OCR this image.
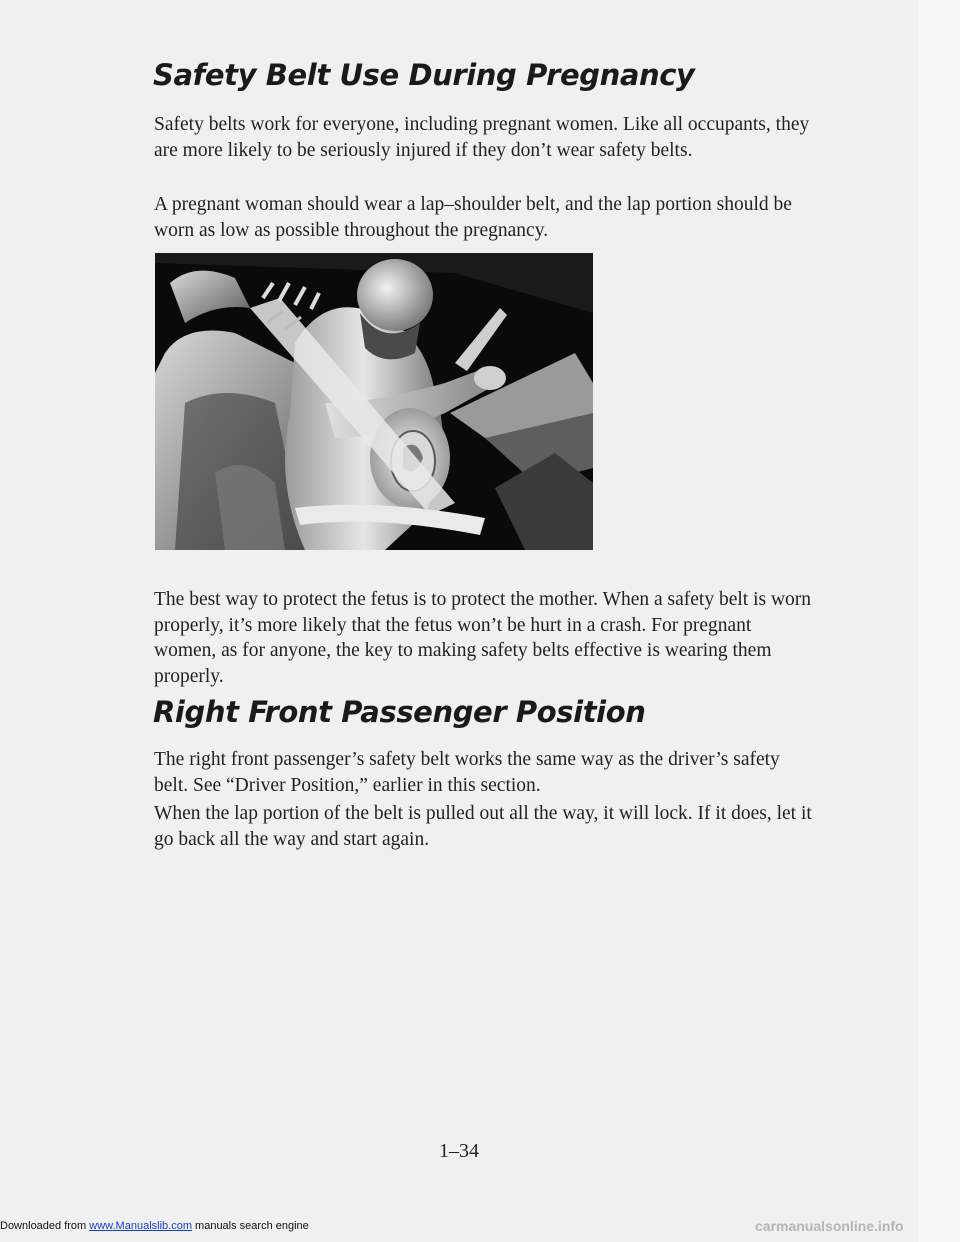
Safety Belt Use During Pregnancy

Safety belts work for everyone, including pregnant women. Like all occupants, they are more likely to be seriously injured if they don’t wear safety belts.

A pregnant woman should wear a lap–shoulder belt, and the lap portion should be worn as low as possible throughout the pregnancy.

The best way to protect the fetus is to protect the mother. When a safety belt is worn properly, it’s more likely that the fetus won’t be hurt in a crash. For pregnant women, as for anyone, the key to making safety belts effective is wearing them properly.

Right Front Passenger Position

The right front passenger’s safety belt works the same way as the driver’s safety belt. See “Driver Position,” earlier in this section.

When the lap portion of the belt is pulled out all the way, it will lock. If it does, let it go back all the way and start again.

1–34
Downloaded from www.Manualslib.com manuals search engine	carmanualsonline.info
